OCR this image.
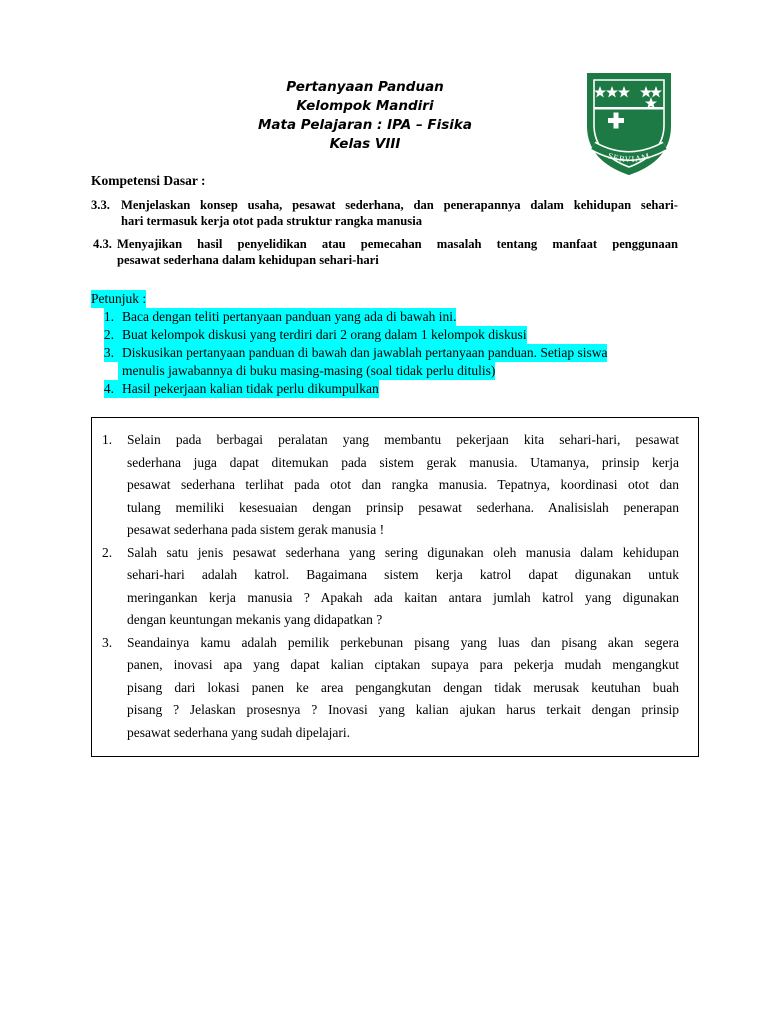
Pertanyaan Panduan
Kelompok Mandiri
Mata Pelajaran : IPA – Fisika
Kelas VIII
SERVIAM
Kompetensi Dasar :
3.3. Menjelaskan konsep usaha, pesawat sederhana, dan penerapannya dalam kehidupan sehari-
hari termasuk kerja otot pada struktur rangka manusia
4.3. Menyajikan hasil penyelidikan atau pemecahan masalah tentang manfaat penggunaan
pesawat sederhana dalam kehidupan sehari-hari
Petunjuk :
1. Baca dengan teliti pertanyaan panduan yang ada di bawah ini.
2. Buat kelompok diskusi yang terdiri dari 2 orang dalam 1 kelompok diskusi
3. Diskusikan pertanyaan panduan di bawah dan jawablah pertanyaan panduan. Setiap siswa
menulis jawabannya di buku masing-masing (soal tidak perlu ditulis)
4. Hasil pekerjaan kalian tidak perlu dikumpulkan
1.	Selain pada berbagai peralatan yang membantu pekerjaan kita sehari-hari, pesawat
sederhana juga dapat ditemukan pada sistem gerak manusia. Utamanya, prinsip kerja
pesawat sederhana terlihat pada otot dan rangka manusia. Tepatnya, koordinasi otot dan
tulang memiliki kesesuaian dengan prinsip pesawat sederhana. Analisislah penerapan
pesawat sederhana pada sistem gerak manusia !
2.	Salah satu jenis pesawat sederhana yang sering digunakan oleh manusia dalam kehidupan
sehari-hari adalah katrol. Bagaimana sistem kerja katrol dapat digunakan untuk
meringankan kerja manusia ? Apakah ada kaitan antara jumlah katrol yang digunakan
dengan keuntungan mekanis yang didapatkan ?
3.	Seandainya kamu adalah pemilik perkebunan pisang yang luas dan pisang akan segera
panen, inovasi apa yang dapat kalian ciptakan supaya para pekerja mudah mengangkut
pisang dari lokasi panen ke area pengangkutan dengan tidak merusak keutuhan buah
pisang ? Jelaskan prosesnya ? Inovasi yang kalian ajukan harus terkait dengan prinsip
pesawat sederhana yang sudah dipelajari.
